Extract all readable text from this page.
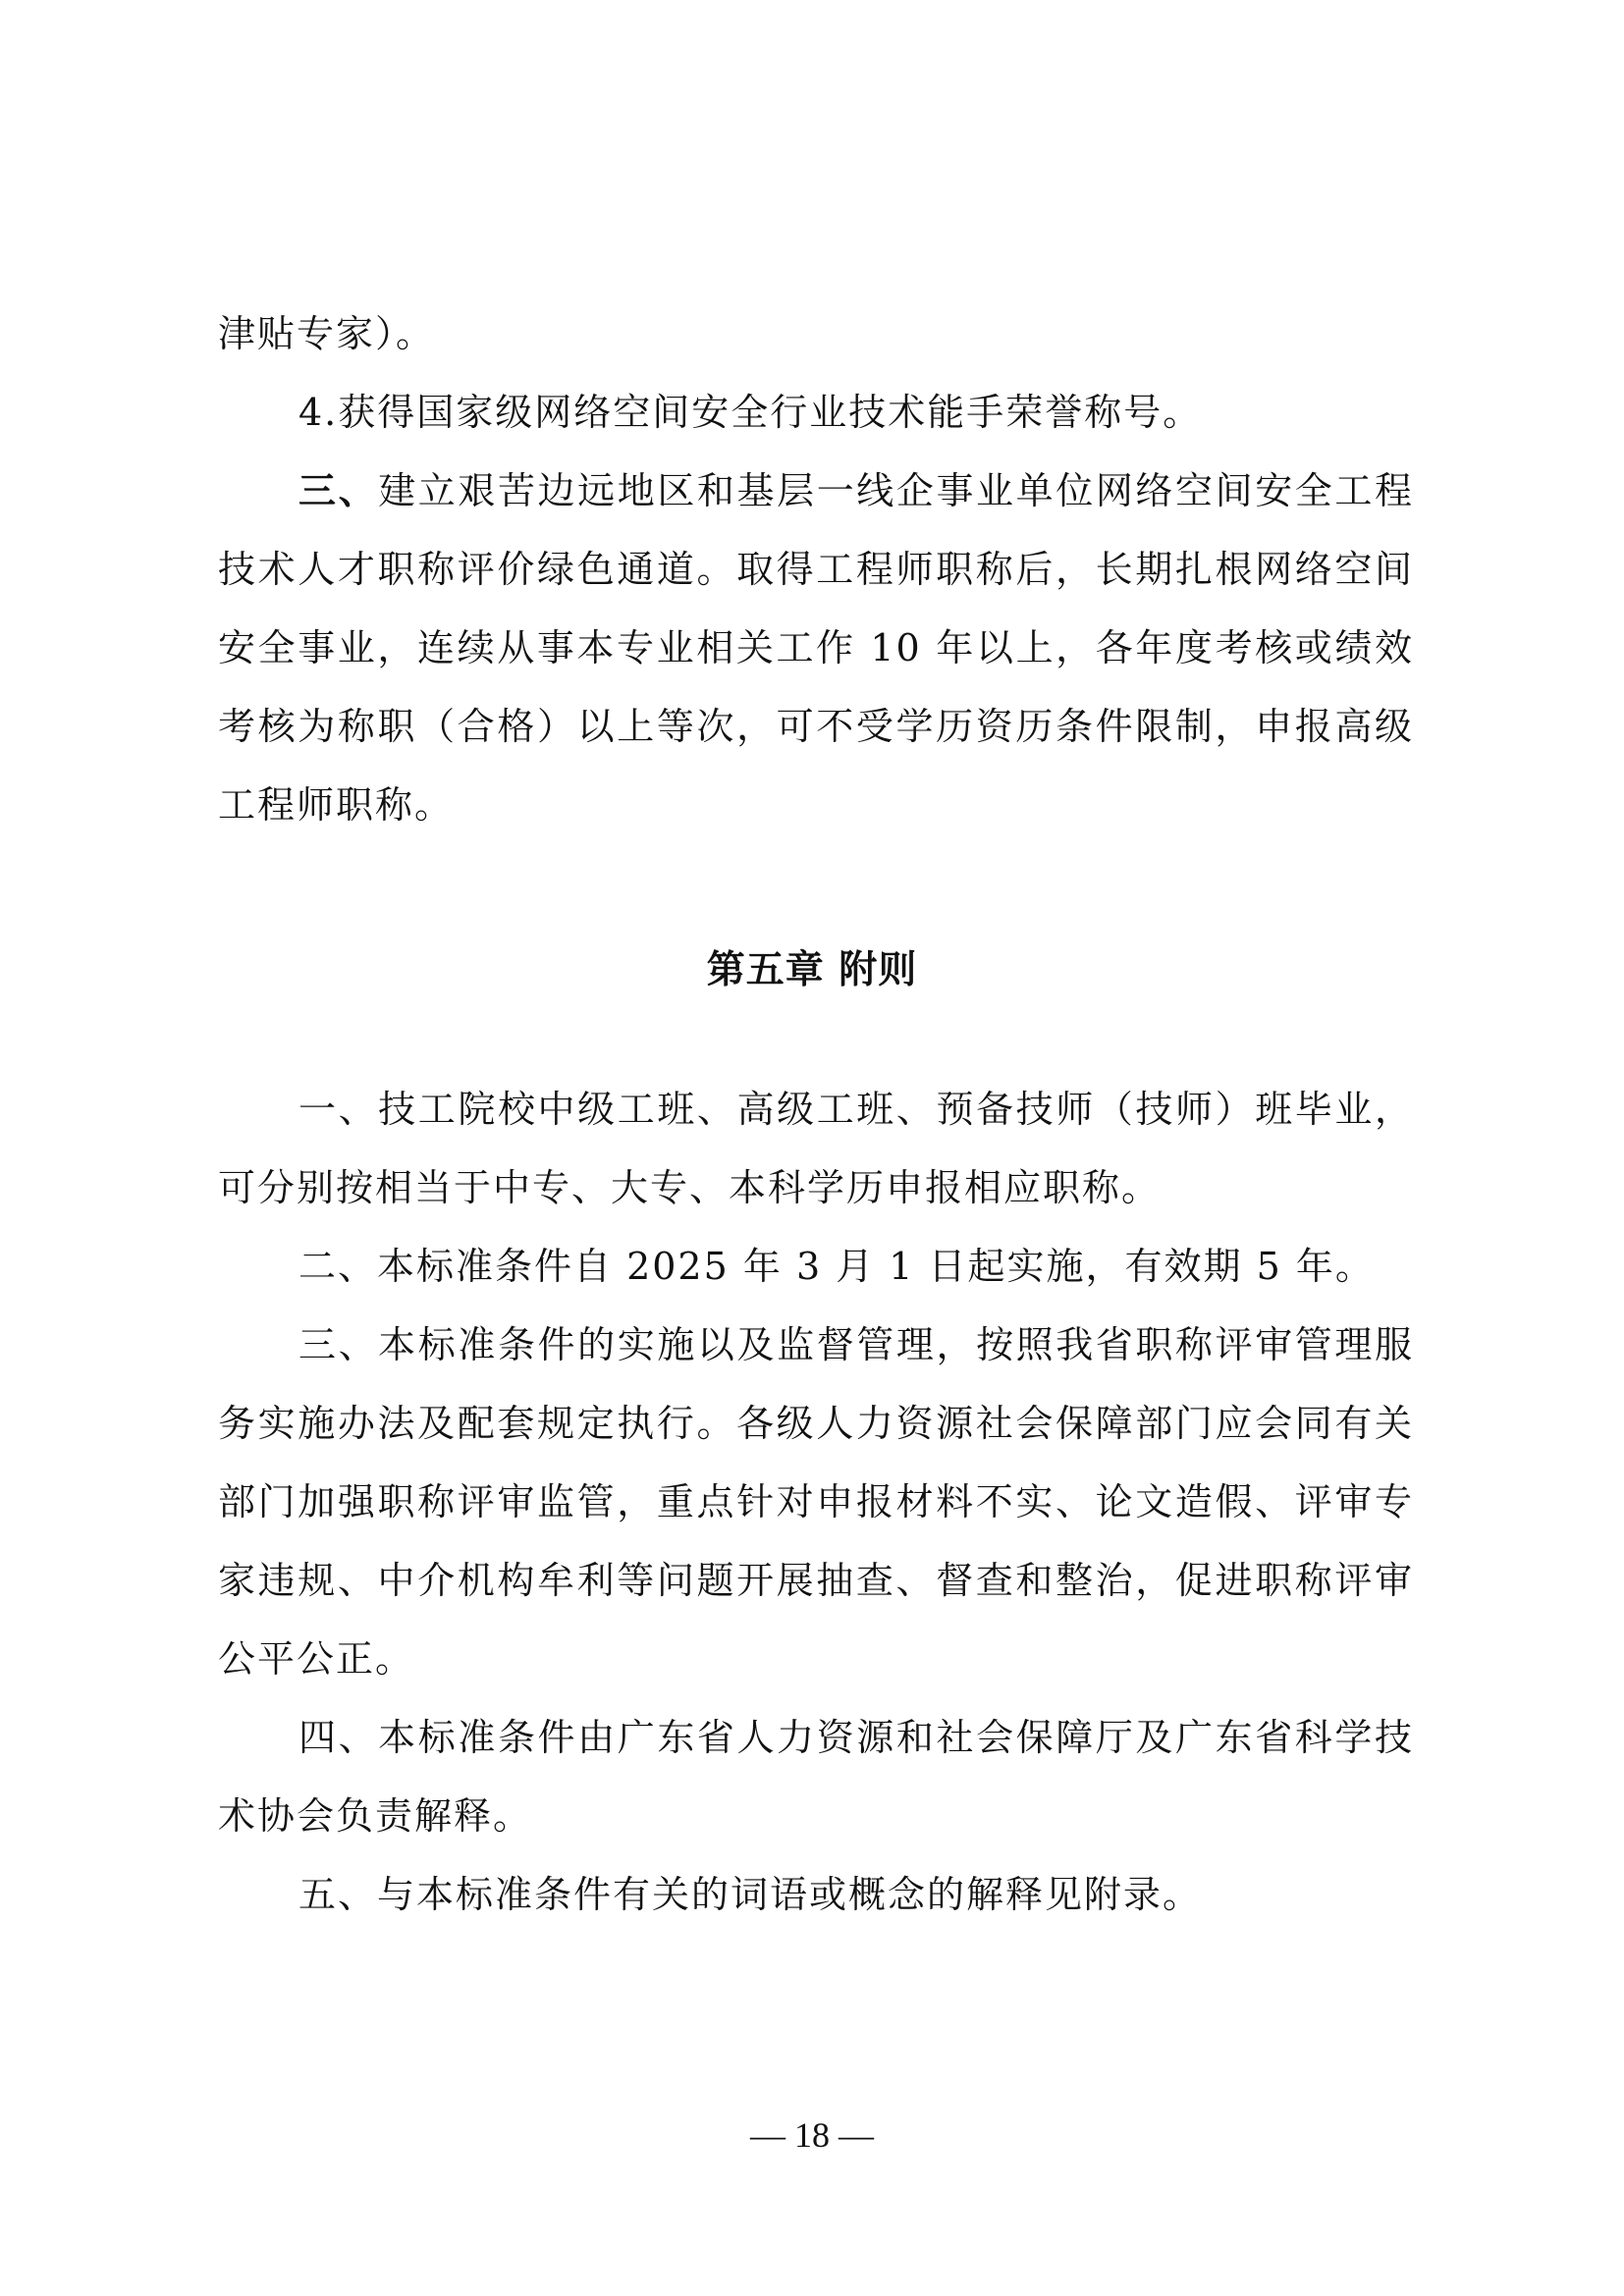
津贴专家）。

4.获得国家级网络空间安全行业技术能手荣誉称号。

三、建立艰苦边远地区和基层一线企事业单位网络空间安全工程技术人才职称评价绿色通道。取得工程师职称后，长期扎根网络空间安全事业，连续从事本专业相关工作 10 年以上，各年度考核或绩效考核为称职（合格）以上等次，可不受学历资历条件限制，申报高级工程师职称。

第五章 附则

一、技工院校中级工班、高级工班、预备技师（技师）班毕业，可分别按相当于中专、大专、本科学历申报相应职称。

二、本标准条件自 2025 年 3 月 1 日起实施，有效期 5 年。

三、本标准条件的实施以及监督管理，按照我省职称评审管理服务实施办法及配套规定执行。各级人力资源社会保障部门应会同有关部门加强职称评审监管，重点针对申报材料不实、论文造假、评审专家违规、中介机构牟利等问题开展抽查、督查和整治，促进职称评审公平公正。

四、本标准条件由广东省人力资源和社会保障厅及广东省科学技术协会负责解释。

五、与本标准条件有关的词语或概念的解释见附录。

— 18 —
